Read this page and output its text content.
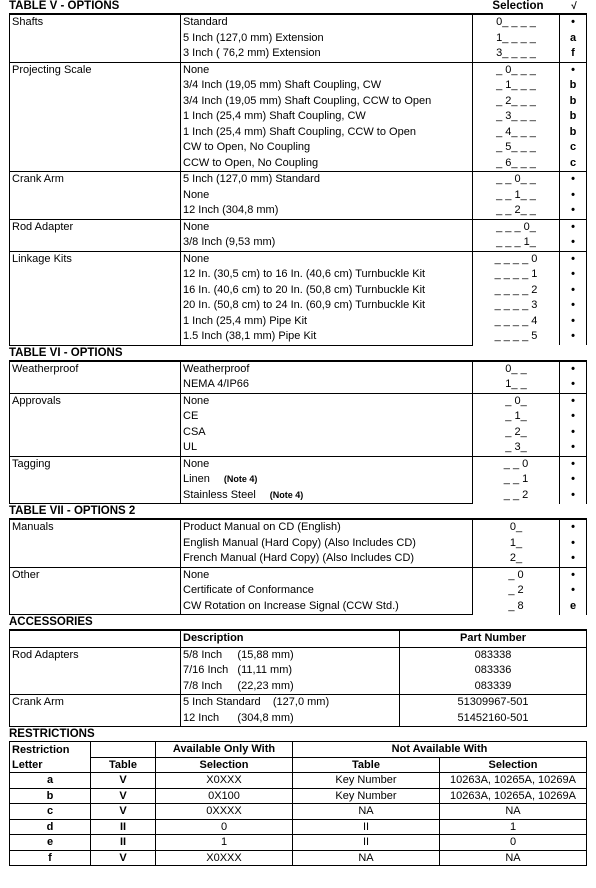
TABLE V - OPTIONS	Selection	√
Shafts	Standard	0_ _ _ _	•
	5 Inch (127,0 mm) Extension	1_ _ _ _	a
	3 Inch ( 76,2 mm) Extension	3_ _ _ _	f
Projecting Scale	None	_ 0_ _ _	•
	3/4 Inch (19,05 mm) Shaft Coupling, CW	_ 1_ _ _	b
	3/4 Inch (19,05 mm) Shaft Coupling, CCW to Open	_ 2_ _ _	b
	1 Inch (25,4 mm) Shaft Coupling, CW	_ 3_ _ _	b
	1 Inch (25,4 mm) Shaft Coupling, CCW to Open	_ 4_ _ _	b
	CW to Open, No Coupling	_ 5_ _ _	c
	CCW to Open, No Coupling	_ 6_ _ _	c
Crank Arm	5 Inch (127,0 mm) Standard	_ _ 0_ _	•
	None	_ _ 1_ _	•
	12 Inch (304,8 mm)	_ _ 2_ _	•
Rod Adapter	None	_ _ _ 0_	•
	3/8 Inch (9,53 mm)	_ _ _ 1_	•
Linkage Kits	None	_ _ _ _ 0	•
	12 In. (30,5 cm) to 16 In. (40,6 cm) Turnbuckle Kit	_ _ _ _ 1	•
	16 In. (40,6 cm) to 20 In. (50,8 cm) Turnbuckle Kit	_ _ _ _ 2	•
	20 In. (50,8 cm) to 24 In. (60,9 cm) Turnbuckle Kit	_ _ _ _ 3	•
	1 Inch (25,4 mm) Pipe Kit	_ _ _ _ 4	•
	1.5 Inch (38,1 mm) Pipe Kit	_ _ _ _ 5	•
TABLE VI - OPTIONS
Weatherproof	Weatherproof	0_ _	•
	NEMA 4/IP66	1_ _	•
Approvals	None	_ 0_	•
	CE	_ 1_	•
	CSA	_ 2_	•
	UL	_ 3_	•
Tagging	None	_ _ 0	•
	Linen (Note 4)	_ _ 1	•
	Stainless Steel (Note 4)	_ _ 2	•
TABLE VII - OPTIONS 2
Manuals	Product Manual on CD (English)	0_	•
	English Manual (Hard Copy) (Also Includes CD)	1_	•
	French Manual (Hard Copy) (Also Includes CD)	2_	•
Other	None	_ 0	•
	Certificate of Conformance	_ 2	•
	CW Rotation on Increase Signal (CCW Std.)	_ 8	e
ACCESSORIES
	Description	Part Number
Rod Adapters	5/8 Inch     (15,88 mm)	083338
	7/16 Inch   (11,11 mm)	083336
	7/8 Inch     (22,23 mm)	083339
Crank Arm	5 Inch Standard    (127,0 mm)	51309967-501
	12 Inch      (304,8 mm)	51452160-501
RESTRICTIONS
Restriction		Available Only With	Not Available With	
Letter	Table	Selection	Table	Selection
a	V	X0XXX	Key Number	10263A, 10265A, 10269A
b	V	0X100	Key Number	10263A, 10265A, 10269A
c	V	0XXXX	NA	NA
d	II	0	II	1
e	II	1	II	0
f	V	X0XXX	NA	NA
